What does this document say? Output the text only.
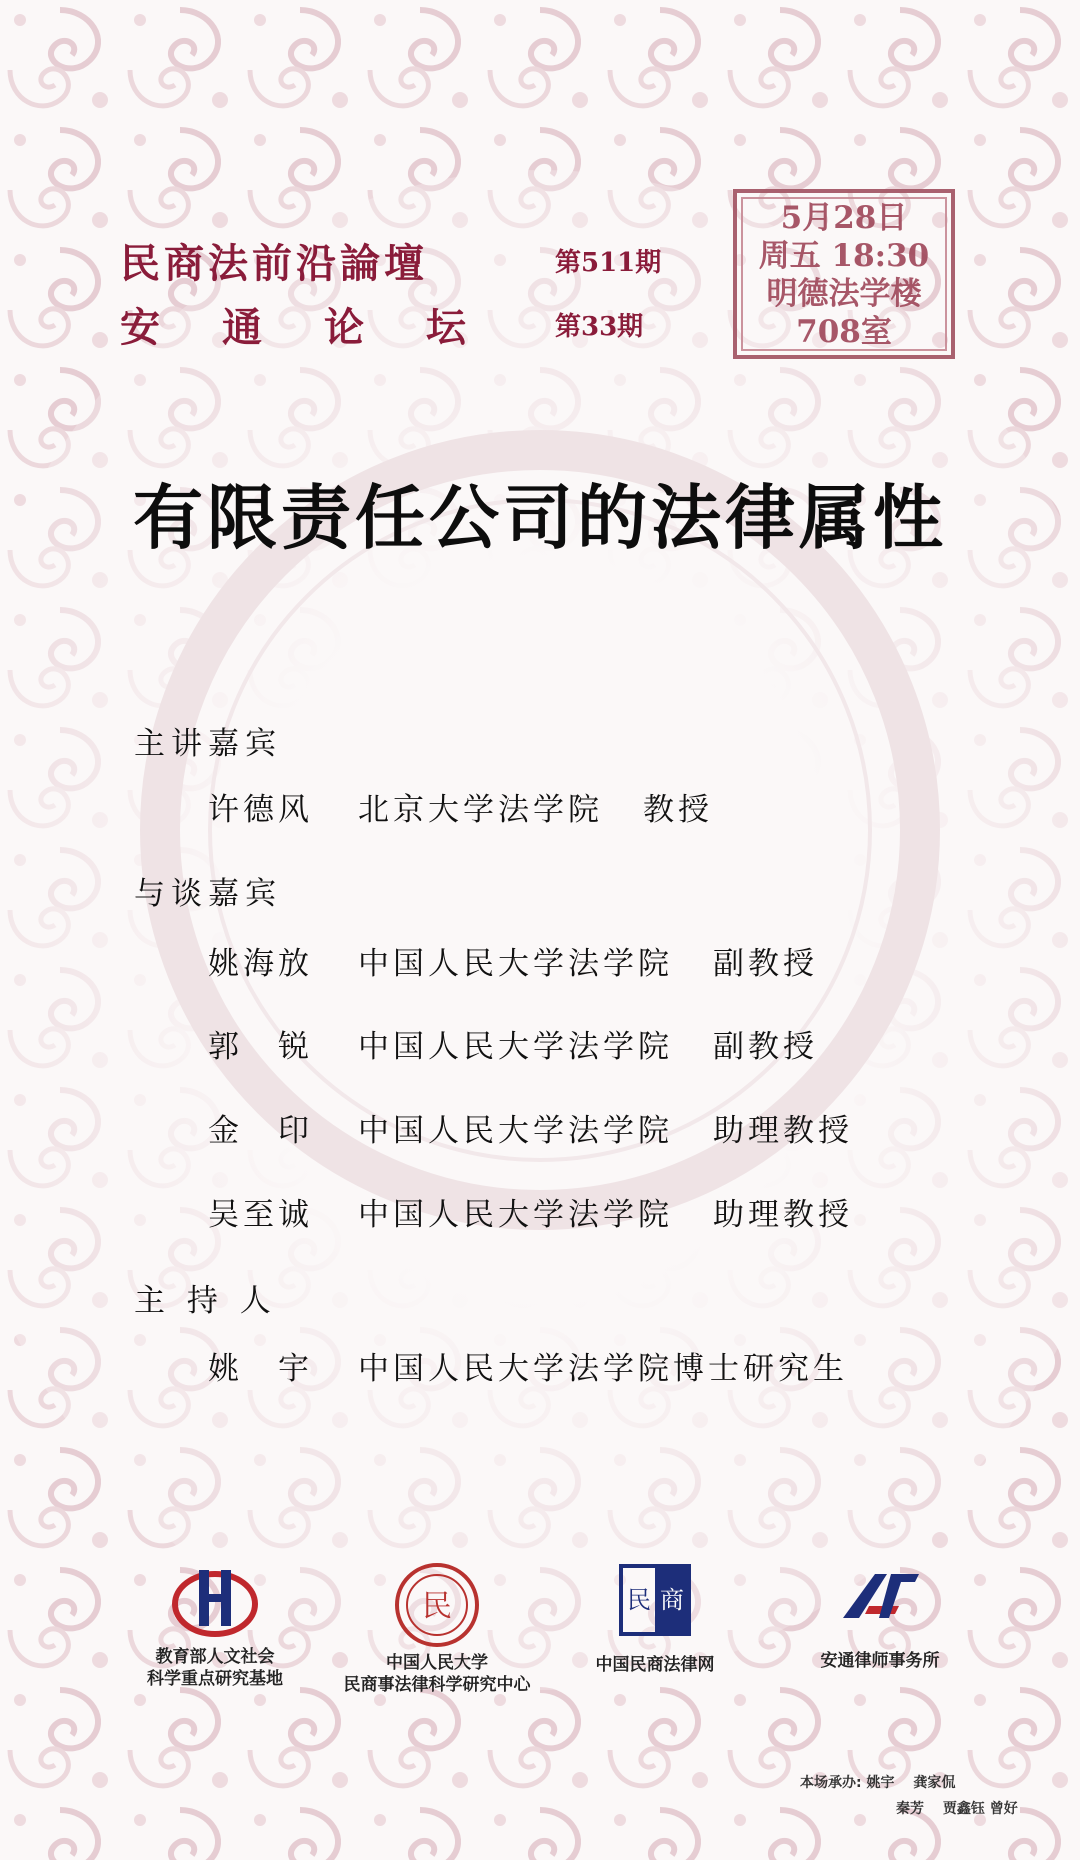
民商法前沿論壇	第511期
安通论坛 第33期
5月28日
周五 18:30
明德法学楼
708室
有限责任公司的法律属性
主讲嘉宾
许德风 北京大学法学院 教授
与谈嘉宾
姚海放 中国人民大学法学院 副教授
郭　锐 中国人民大学法学院 副教授
金　印 中国人民大学法学院 助理教授
吴至诚 中国人民大学法学院 助理教授
主 持 人
姚　宇 中国人民大学法学院博士研究生
教育部人文社会
科学重点研究基地
民
中国人民大学
民商事法律科学研究中心
民 商
中国民商法律网	安通律师事务所
本场承办: 姚宇　 龚家侃
秦芳　 贾鑫钰 曾好
